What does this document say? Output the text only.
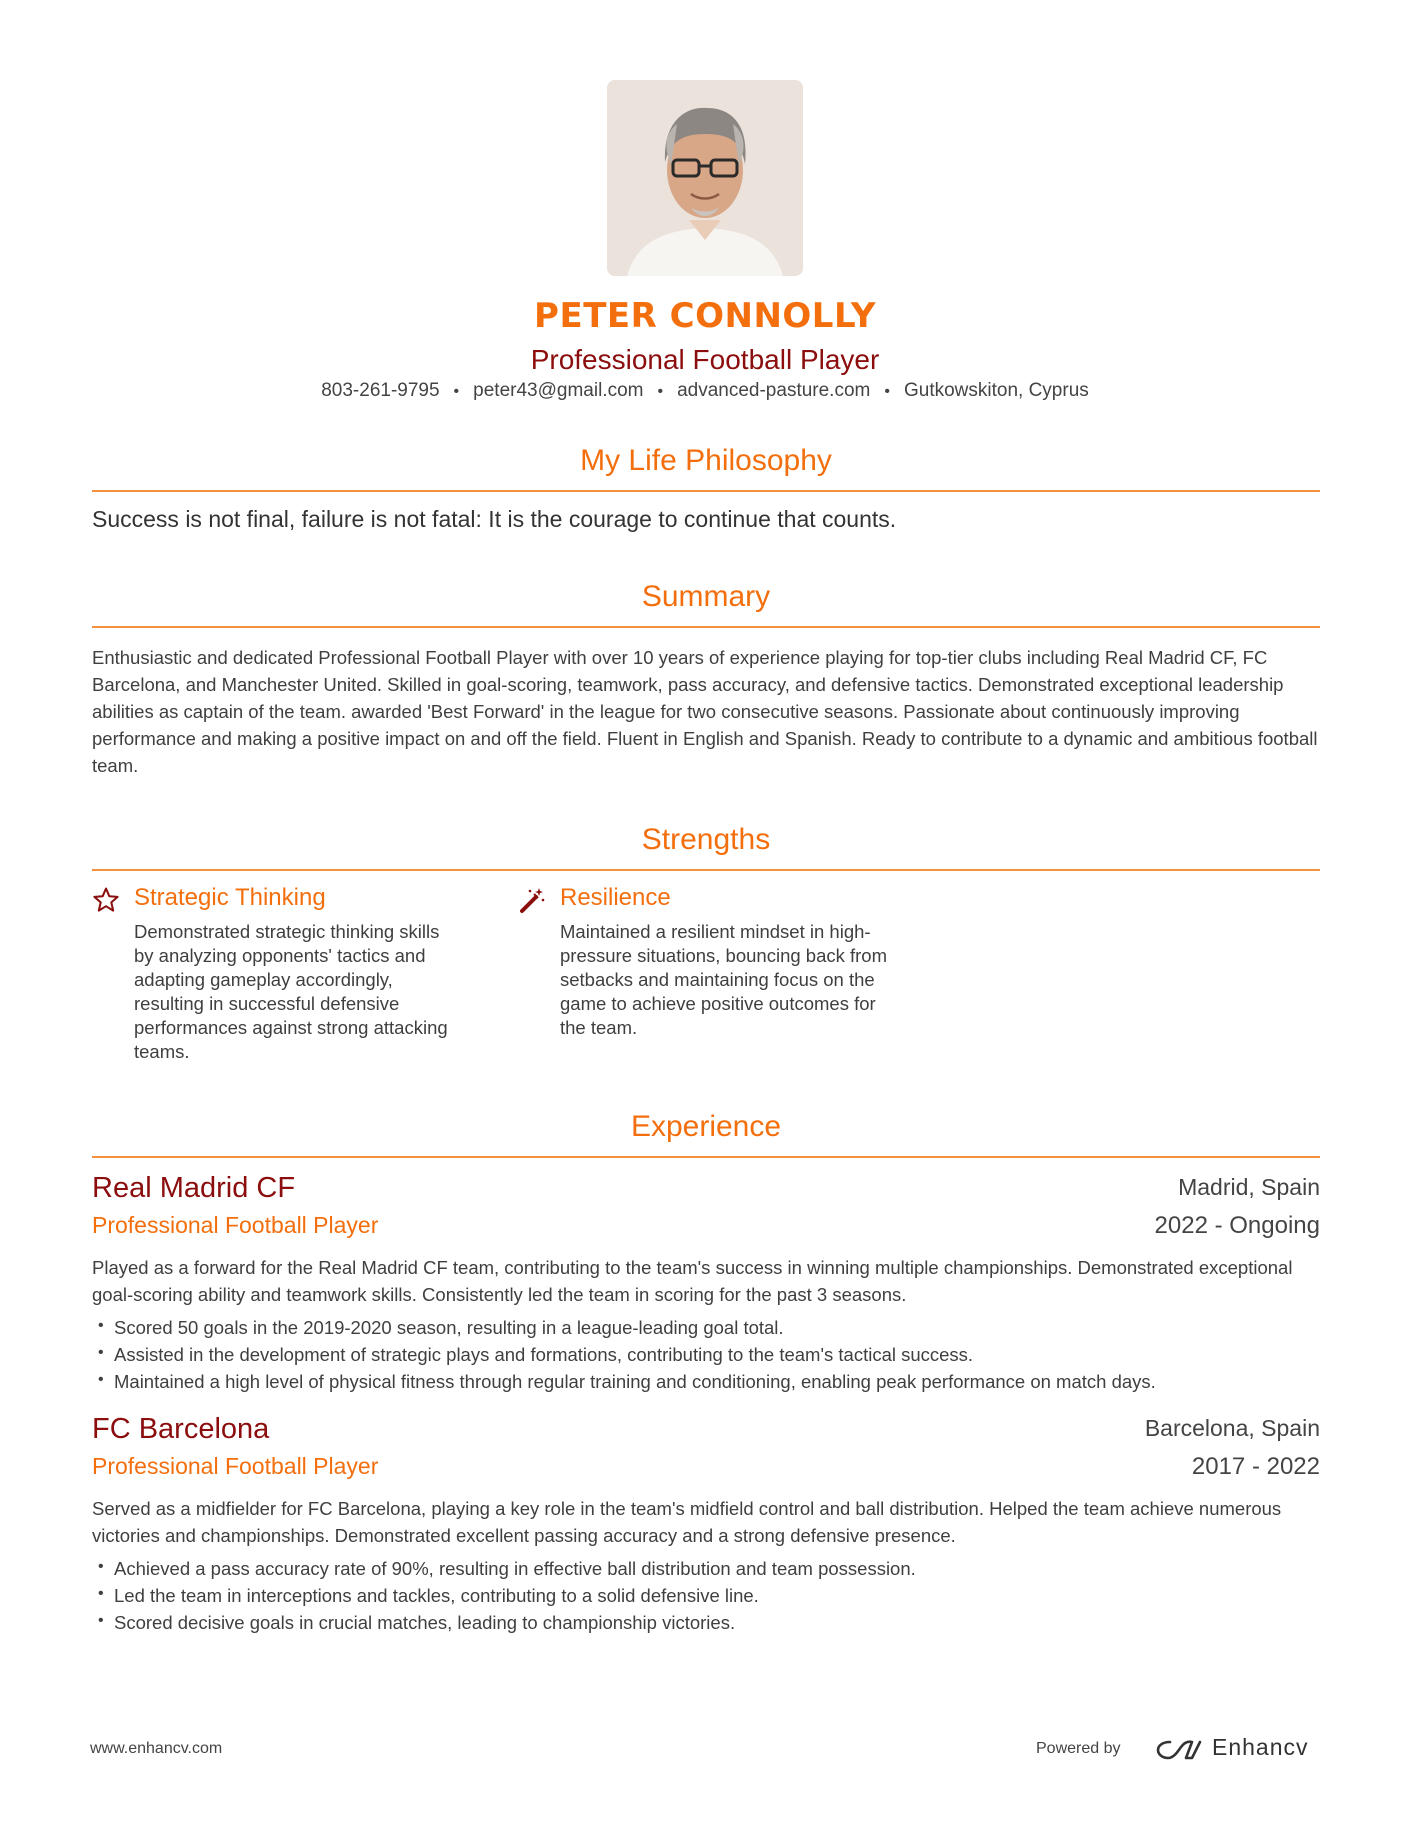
PETER CONNOLLY
Professional Football Player
803-261-9795 • peter43@gmail.com • advanced-pasture.com • Gutkowskiton, Cyprus
My Life Philosophy
Success is not final, failure is not fatal: It is the courage to continue that counts.
Summary
Enthusiastic and dedicated Professional Football Player with over 10 years of experience playing for top-tier clubs including Real Madrid CF, FC Barcelona, and Manchester United. Skilled in goal-scoring, teamwork, pass accuracy, and defensive tactics. Demonstrated exceptional leadership abilities as captain of the team. awarded 'Best Forward' in the league for two consecutive seasons. Passionate about continuously improving performance and making a positive impact on and off the field. Fluent in English and Spanish. Ready to contribute to a dynamic and ambitious football team.
Strengths
Strategic Thinking
Demonstrated strategic thinking skills by analyzing opponents' tactics and adapting gameplay accordingly, resulting in successful defensive performances against strong attacking teams.
Resilience
Maintained a resilient mindset in high-pressure situations, bouncing back from setbacks and maintaining focus on the game to achieve positive outcomes for the team.
Experience
Real Madrid CF	Madrid, Spain
Professional Football Player	2022 - Ongoing
Played as a forward for the Real Madrid CF team, contributing to the team's success in winning multiple championships. Demonstrated exceptional goal-scoring ability and teamwork skills. Consistently led the team in scoring for the past 3 seasons.
• Scored 50 goals in the 2019-2020 season, resulting in a league-leading goal total.
• Assisted in the development of strategic plays and formations, contributing to the team's tactical success.
• Maintained a high level of physical fitness through regular training and conditioning, enabling peak performance on match days.
FC Barcelona	Barcelona, Spain
Professional Football Player	2017 - 2022
Served as a midfielder for FC Barcelona, playing a key role in the team's midfield control and ball distribution. Helped the team achieve numerous victories and championships. Demonstrated excellent passing accuracy and a strong defensive presence.
• Achieved a pass accuracy rate of 90%, resulting in effective ball distribution and team possession.
• Led the team in interceptions and tackles, contributing to a solid defensive line.
• Scored decisive goals in crucial matches, leading to championship victories.
www.enhancv.com	Powered by	Enhancv
